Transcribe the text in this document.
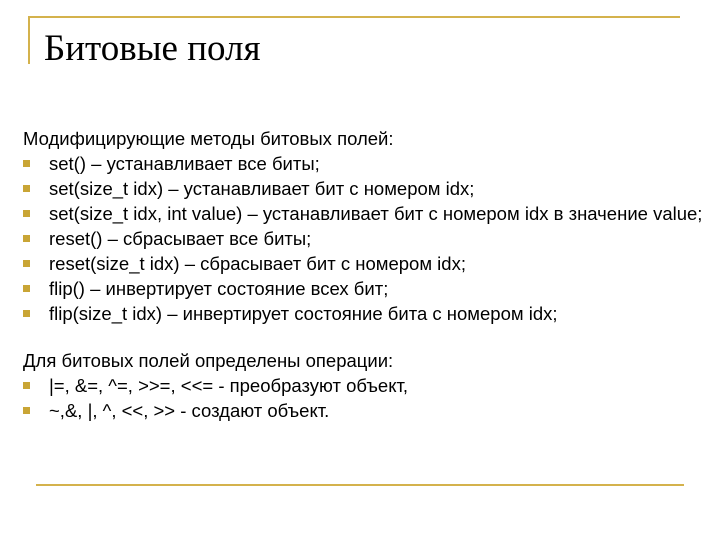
Битовые поля
Модифицирующие методы битовых полей:
set() – устанавливает все биты;
set(size_t idx) – устанавливает бит с номером idx;
set(size_t idx, int value) – устанавливает бит с номером idx в значение value;
reset() – сбрасывает все биты;
reset(size_t idx) – сбрасывает бит с номером idx;
flip() – инвертирует состояние всех бит;
flip(size_t idx) – инвертирует состояние бита с номером idx;
Для битовых полей определены операции:
|=, &=, ^=, >>=, <<= - преобразуют объект,
~,&, |, ^, <<, >> - создают объект.
